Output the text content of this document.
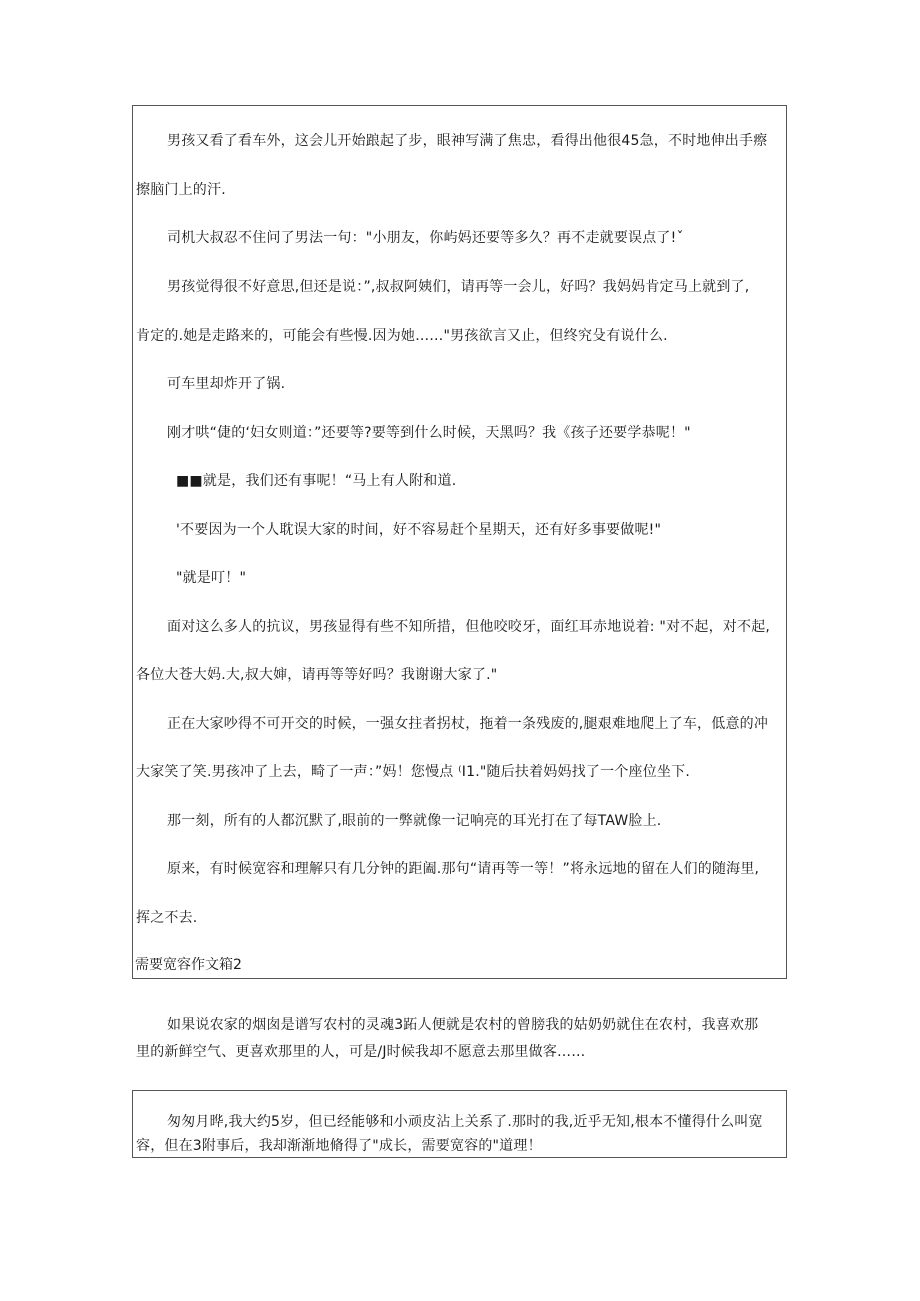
男孩又看了看车外，这会儿开始踉起了步，眼神写满了焦忠，看得出他很45急，不时地伸出手瘵
擦脑门上的汗.
司机大叔忍不住问了男法一句："小朋友，你屿妈还要等多久？再不走就要误点了!ˇ
男孩觉得很不好意思,但还是说：”,叔叔阿姨们，请再等一会儿，好吗？我妈妈肯定马上就到了,
肯定的.她是走路来的，可能会有些慢.因为她……"男孩欲言又止，但终究殳有说什么.
可车里却炸开了锅.
刚才哄“倢的‘妇女则道：”还要等?要等到什么时候，天黑吗？我《孩子还要学恭呢！"
■■就是，我们还有事呢！“马上有人附和道.
'不要因为一个人耽误大家的时间，好不容易赶个星期天，还有好多事要做呢!"
"就是叮！"
面对这么多人的抗议，男孩显得有些不知所措，但他咬咬牙，面红耳赤地说着: "对不起，对不起,
各位大苍大妈.大,叔大婶，请再等等好吗？我谢谢大家了."
正在大家吵得不可开交的时候，一强女拄者拐杖，拖着一条残废的,腿艰难地爬上了车，低意的冲
大家笑了笑.男孩冲了上去，畸了一声：”妈！您慢点 ⁽I1."随后扶着妈妈找了一个座位坐下.
那一刻，所有的人都沉默了,眼前的一弊就像一记响亮的耳光打在了每TAW脸上.
原来，有时候宽容和理解只有几分钟的距阖.那句“请再等一等！”将永远地的留在人们的随海里,
挥之不去.
需要宽容作文箱2
如果说农家的烟囱是谱写农村的灵魂3跖人便就是农村的曾膀我的姑奶奶就住在农村，我喜欢那
里的新鲜空气、更喜欢那里的人，可是/J时候我却不愿意去那里做客……
匆匆月晔,我大约5岁，但已经能够和小顽皮沾上关系了.那时的我,近乎无知,根本不懂得什么叫宽
容，但在3附事后，我却渐渐地脩得了"成长，需要宽容的"道理！
